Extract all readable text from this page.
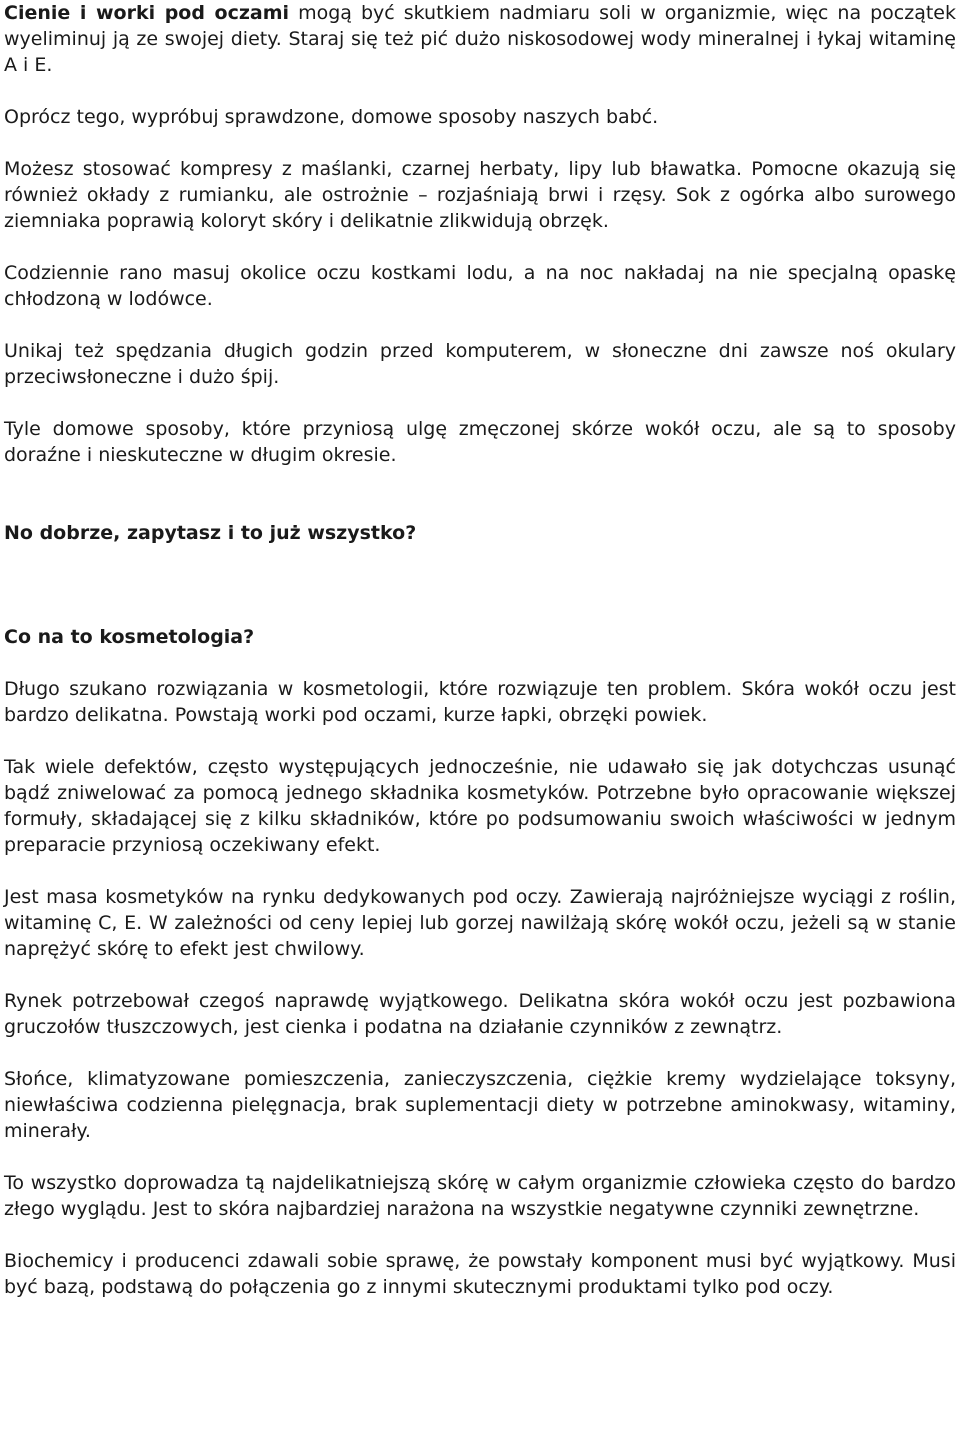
Cienie i worki pod oczami mogą być skutkiem nadmiaru soli w organizmie, więc na początek wyeliminuj ją ze swojej diety. Staraj się też pić dużo niskosodowej wody mineralnej i łykaj witaminę A i E.

Oprócz tego, wypróbuj sprawdzone, domowe sposoby naszych babć.

Możesz stosować kompresy z maślanki, czarnej herbaty, lipy lub bławatka. Pomocne okazują się również okłady z rumianku, ale ostrożnie – rozjaśniają brwi i rzęsy. Sok z ogórka albo surowego ziemniaka poprawią koloryt skóry i delikatnie zlikwidują obrzęk.

Codziennie rano masuj okolice oczu kostkami lodu, a na noc nakładaj na nie specjalną opaskę chłodzoną w lodówce.

Unikaj też spędzania długich godzin przed komputerem, w słoneczne dni zawsze noś okulary przeciwsłoneczne i dużo śpij.

Tyle domowe sposoby, które przyniosą ulgę zmęczonej skórze wokół oczu, ale są to sposoby doraźne i nieskuteczne w długim okresie.

No dobrze, zapytasz i to już wszystko?

Co na to kosmetologia?

Długo szukano rozwiązania w kosmetologii, które rozwiązuje ten problem. Skóra wokół oczu jest bardzo delikatna. Powstają worki pod oczami, kurze łapki, obrzęki powiek.

Tak wiele defektów, często występujących jednocześnie, nie udawało się jak dotychczas usunąć bądź zniwelować za pomocą jednego składnika kosmetyków. Potrzebne było opracowanie większej formuły, składającej się z kilku składników, które po podsumowaniu swoich właściwości w jednym preparacie przyniosą oczekiwany efekt.

Jest masa kosmetyków na rynku dedykowanych pod oczy. Zawierają najróżniejsze wyciągi z roślin, witaminę C, E. W zależności od ceny lepiej lub gorzej nawilżają skórę wokół oczu, jeżeli są w stanie naprężyć skórę to efekt jest chwilowy.

Rynek potrzebował czegoś naprawdę wyjątkowego. Delikatna skóra wokół oczu jest pozbawiona gruczołów tłuszczowych, jest cienka i podatna na działanie czynników z zewnątrz.

Słońce, klimatyzowane pomieszczenia, zanieczyszczenia, ciężkie kremy wydzielające toksyny, niewłaściwa codzienna pielęgnacja, brak suplementacji diety w potrzebne aminokwasy, witaminy, minerały.

To wszystko doprowadza tą najdelikatniejszą skórę w całym organizmie człowieka często do bardzo złego wyglądu. Jest to skóra najbardziej narażona na wszystkie negatywne czynniki zewnętrzne.

Biochemicy i producenci zdawali sobie sprawę, że powstały komponent musi być wyjątkowy. Musi być bazą, podstawą do połączenia go z innymi skutecznymi produktami tylko pod oczy.
